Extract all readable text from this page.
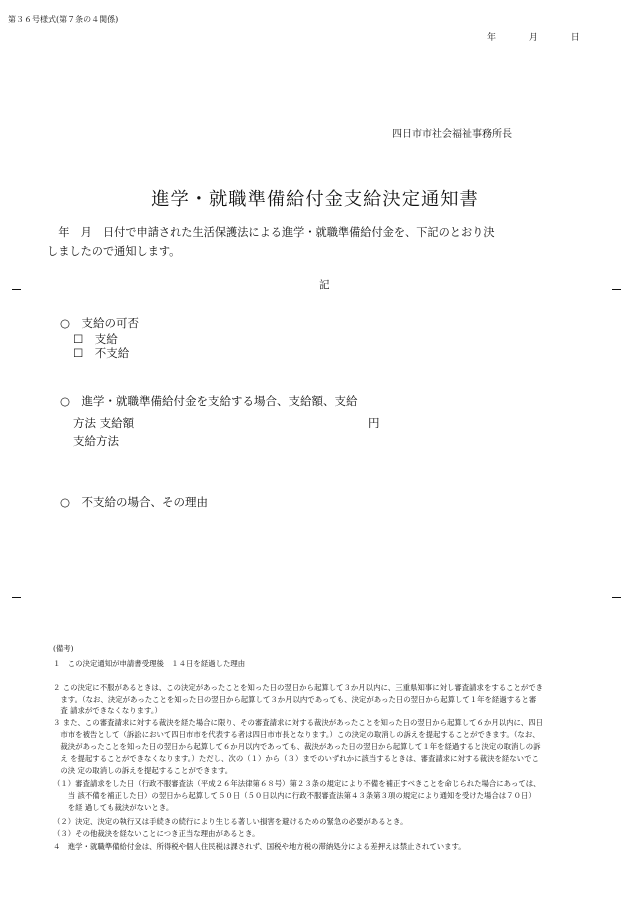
第３６号様式(第７条の４関係)
年	月	日
四日市市社会福祉事務所長
進学・就職準備給付金支給決定通知書
　年　月　日付で申請された生活保護法による進学・就職準備給付金を、下記のとおり決
しましたので通知します。
記
○　支給の可否
☐　支給
☐　不支給
○　進学・就職準備給付金を支給する場合、支給額、支給
方法 支給額	円
支給方法
○　不支給の場合、その理由
(備考)
１　この決定通知が申請書受理後　１４日を経過した理由
２ この決定に不服があるときは、この決定があったことを知った日の翌日から起算して３か月以内に、三重県知事に対し審査請求をすることができ
　ます。（なお、決定があったことを知った日の翌日から起算して３か月以内であっても、決定があった日の翌日から起算して１年を経過すると審
　査 請求ができなくなります。）
３ また、この審査請求に対する裁決を経た場合に限り、その審査請求に対する裁決があったことを知った日の翌日から起算して６か月以内に、四日
　市市を被告として（訴訟において四日市市を代表する者は四日市市長となります。）この決定の取消しの訴えを提起することができます。（なお、
　裁決があったことを知った日の翌日から起算して６か月以内であっても、裁決があった日の翌日から起算して１年を経過すると決定の取消しの訴
　え を提起することができなくなります。）ただし、次の（１）から（３）までのいずれかに該当するときは、審査請求に対する裁決を経ないでこ
　の決 定の取消しの訴えを提起することができます。
（１）審査請求をした日（行政不服審査法（平成２６年法律第６８号）第２３条の規定により不備を補正すべきことを命じられた場合にあっては、
　　当 該不備を補正した日）の翌日から起算して５０日（５０日以内に行政不服審査法第４３条第３項の規定により通知を受けた場合は７０日）
　　を経 過しても裁決がないとき。
（２）決定、決定の執行又は手続きの続行により生じる著しい損害を避けるための緊急の必要があるとき。
（３）その他裁決を経ないことにつき正当な理由があるとき。
４　進学・就職準備給付金は、所得税や個人住民税は課されず、国税や地方税の滞納処分による差押えは禁止されています。
